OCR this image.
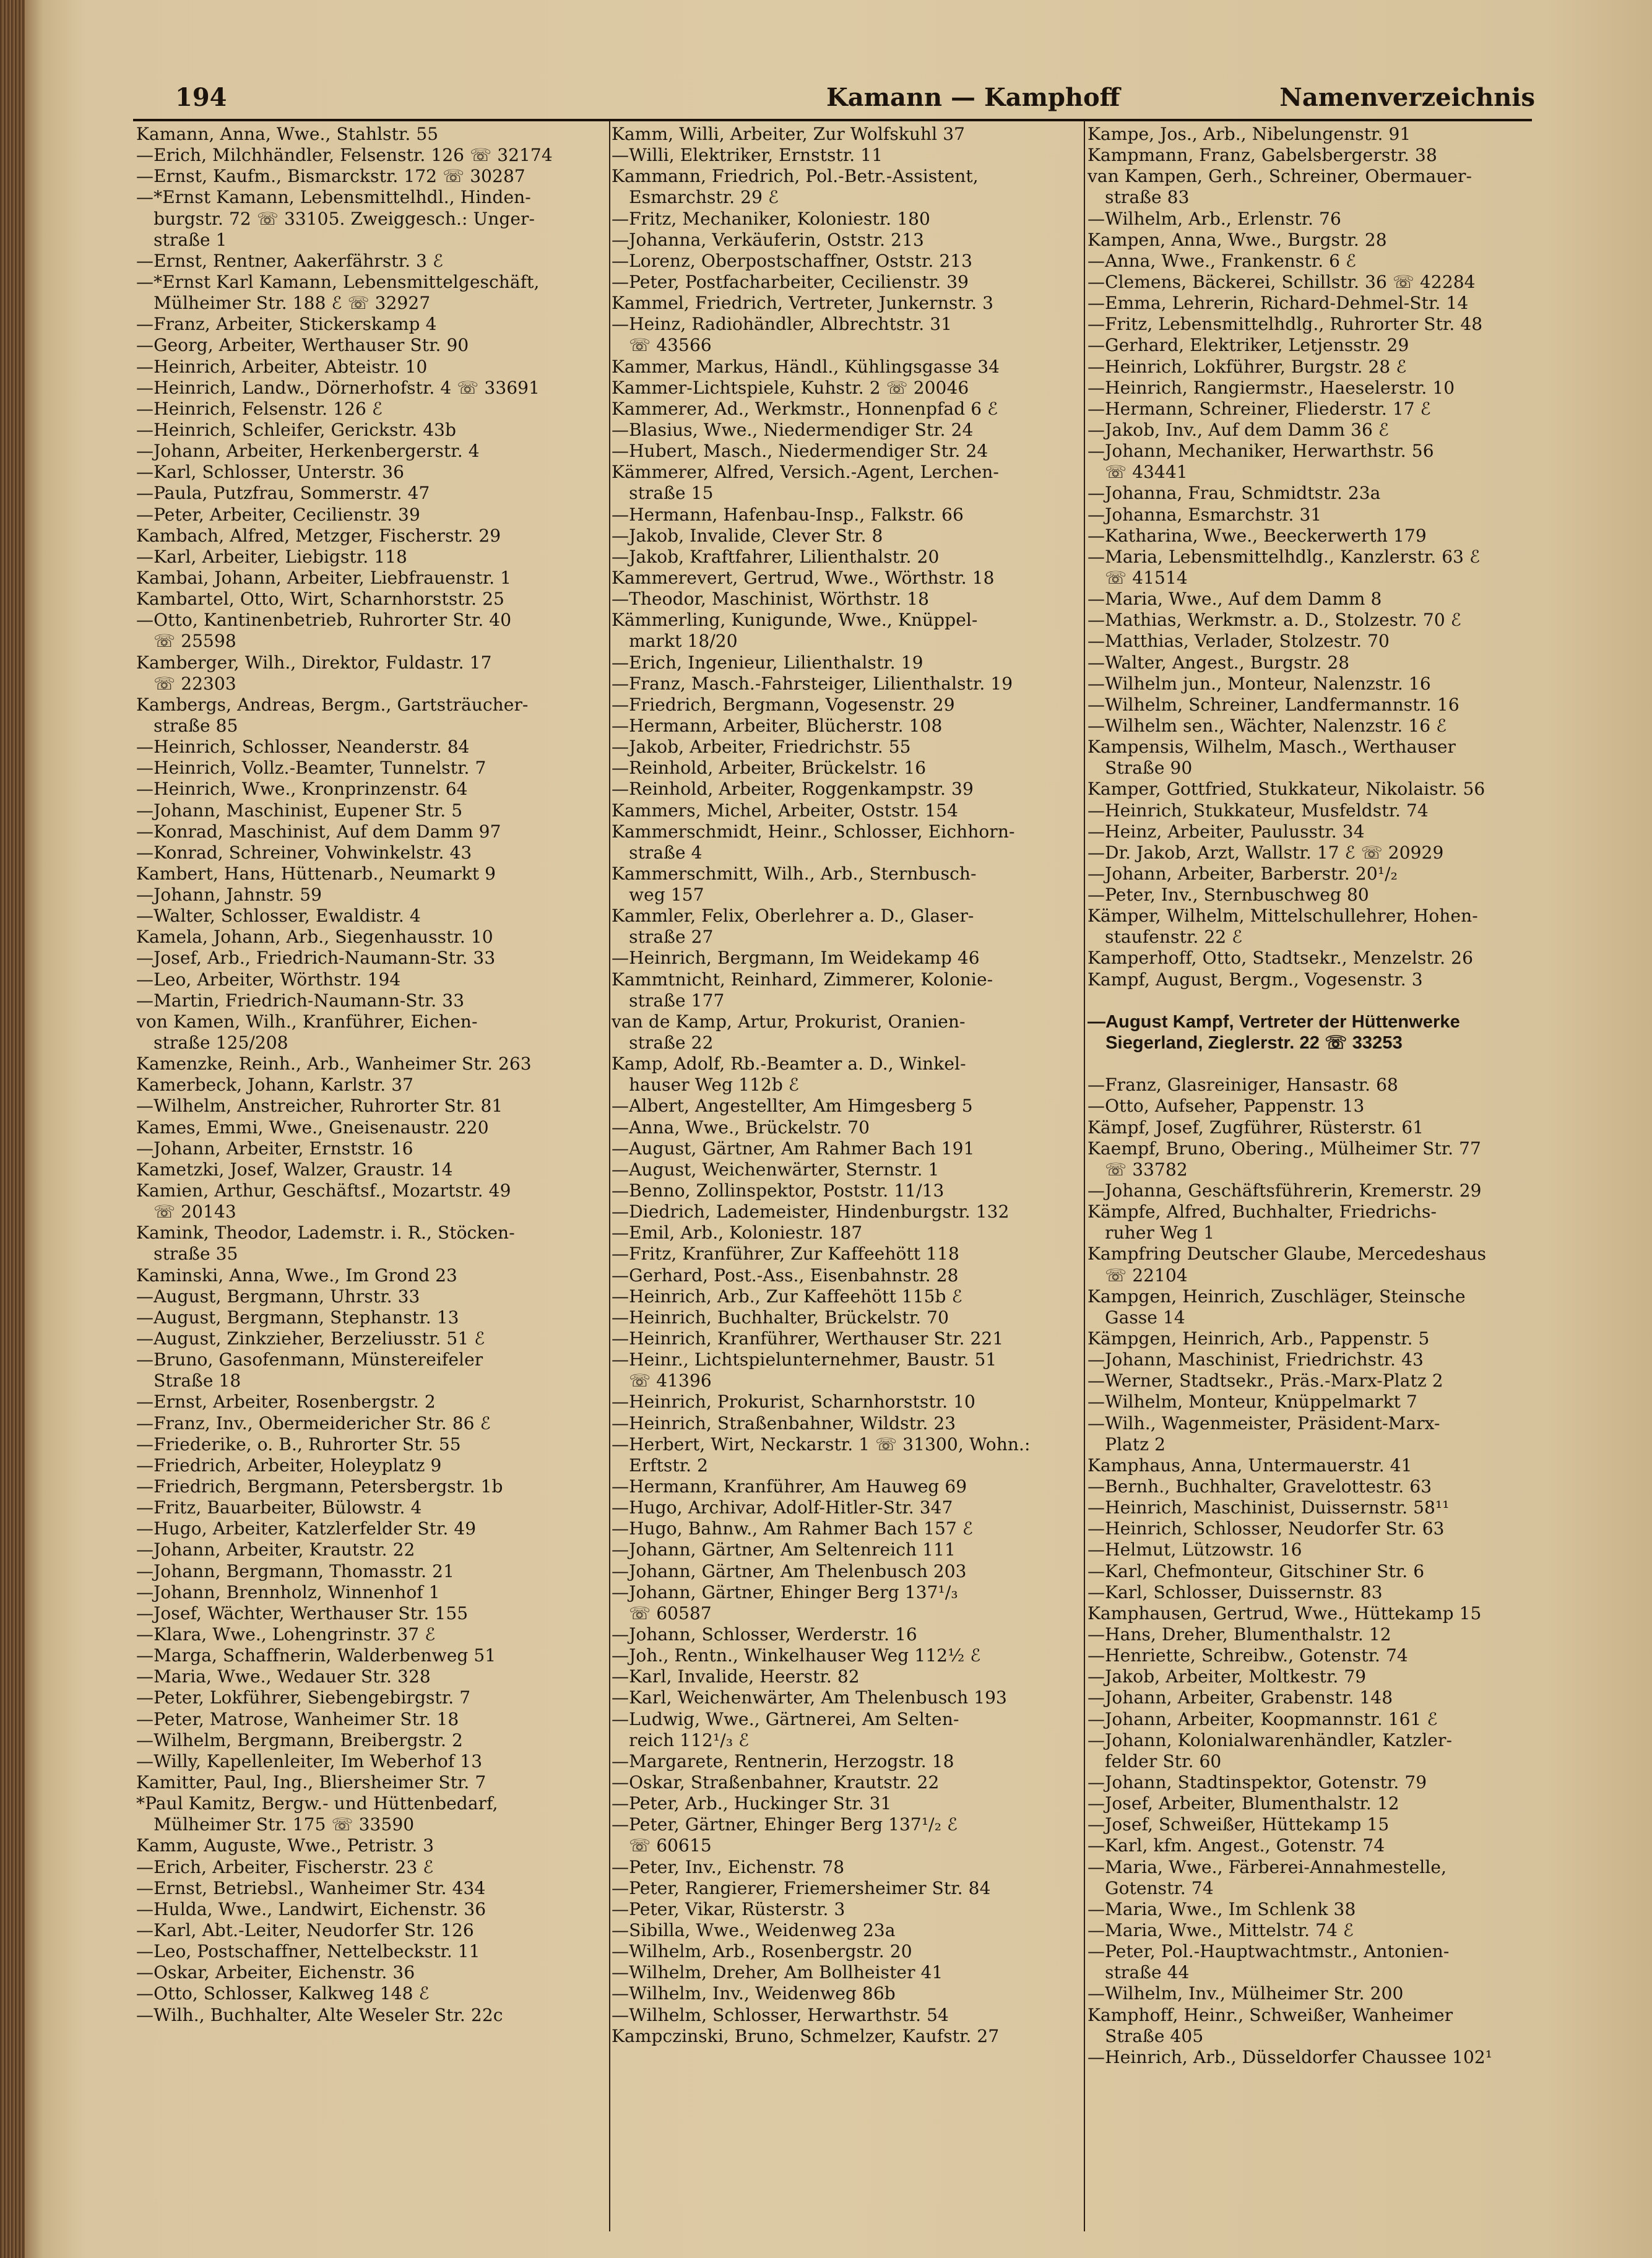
194	Kamann — Kamphoff	Namenverzeichnis
Kamann, Anna, Wwe., Stahlstr. 55
—Erich, Milchhändler, Felsenstr. 126 ☏ 32174
—Ernst, Kaufm., Bismarckstr. 172 ☏ 30287
—*Ernst Kamann, Lebensmittelhdl., Hinden-
 burgstr. 72 ☏ 33105. Zweiggesch.: Unger-
 straße 1
—Ernst, Rentner, Aakerfährstr. 3 ℰ
—*Ernst Karl Kamann, Lebensmittelgeschäft,
 Mülheimer Str. 188 ℰ ☏ 32927
—Franz, Arbeiter, Stickerskamp 4
—Georg, Arbeiter, Werthauser Str. 90
—Heinrich, Arbeiter, Abteistr. 10
—Heinrich, Landw., Dörnerhofstr. 4 ☏ 33691
—Heinrich, Felsenstr. 126 ℰ
—Heinrich, Schleifer, Gerickstr. 43b
—Johann, Arbeiter, Herkenbergerstr. 4
—Karl, Schlosser, Unterstr. 36
—Paula, Putzfrau, Sommerstr. 47
—Peter, Arbeiter, Cecilienstr. 39
Kambach, Alfred, Metzger, Fischerstr. 29
—Karl, Arbeiter, Liebigstr. 118
Kambai, Johann, Arbeiter, Liebfrauenstr. 1
Kambartel, Otto, Wirt, Scharnhorststr. 25
—Otto, Kantinenbetrieb, Ruhrorter Str. 40
 ☏ 25598
Kamberger, Wilh., Direktor, Fuldastr. 17
 ☏ 22303
Kambergs, Andreas, Bergm., Gartsträucher-
 straße 85
—Heinrich, Schlosser, Neanderstr. 84
—Heinrich, Vollz.-Beamter, Tunnelstr. 7
—Heinrich, Wwe., Kronprinzenstr. 64
—Johann, Maschinist, Eupener Str. 5
—Konrad, Maschinist, Auf dem Damm 97
—Konrad, Schreiner, Vohwinkelstr. 43
Kambert, Hans, Hüttenarb., Neumarkt 9
—Johann, Jahnstr. 59
—Walter, Schlosser, Ewaldistr. 4
Kamela, Johann, Arb., Siegenhausstr. 10
—Josef, Arb., Friedrich-Naumann-Str. 33
—Leo, Arbeiter, Wörthstr. 194
—Martin, Friedrich-Naumann-Str. 33
von Kamen, Wilh., Kranführer, Eichen-
 straße 125/208
Kamenzke, Reinh., Arb., Wanheimer Str. 263
Kamerbeck, Johann, Karlstr. 37
—Wilhelm, Anstreicher, Ruhrorter Str. 81
Kames, Emmi, Wwe., Gneisenaustr. 220
—Johann, Arbeiter, Ernststr. 16
Kametzki, Josef, Walzer, Graustr. 14
Kamien, Arthur, Geschäftsf., Mozartstr. 49
 ☏ 20143
Kamink, Theodor, Lademstr. i. R., Stöcken-
 straße 35
Kaminski, Anna, Wwe., Im Grond 23
—August, Bergmann, Uhrstr. 33
—August, Bergmann, Stephanstr. 13
—August, Zinkzieher, Berzeliusstr. 51 ℰ
—Bruno, Gasofenmann, Münstereifeler
 Straße 18
—Ernst, Arbeiter, Rosenbergstr. 2
—Franz, Inv., Obermeidericher Str. 86 ℰ
—Friederike, o. B., Ruhrorter Str. 55
—Friedrich, Arbeiter, Holeyplatz 9
—Friedrich, Bergmann, Petersbergstr. 1b
—Fritz, Bauarbeiter, Bülowstr. 4
—Hugo, Arbeiter, Katzlerfelder Str. 49
—Johann, Arbeiter, Krautstr. 22
—Johann, Bergmann, Thomasstr. 21
—Johann, Brennholz, Winnenhof 1
—Josef, Wächter, Werthauser Str. 155
—Klara, Wwe., Lohengrinstr. 37 ℰ
—Marga, Schaffnerin, Walderbenweg 51
—Maria, Wwe., Wedauer Str. 328
—Peter, Lokführer, Siebengebirgstr. 7
—Peter, Matrose, Wanheimer Str. 18
—Wilhelm, Bergmann, Breibergstr. 2
—Willy, Kapellenleiter, Im Weberhof 13
Kamitter, Paul, Ing., Bliersheimer Str. 7
*Paul Kamitz, Bergw.- und Hüttenbedarf,
 Mülheimer Str. 175 ☏ 33590
Kamm, Auguste, Wwe., Petristr. 3
—Erich, Arbeiter, Fischerstr. 23 ℰ
—Ernst, Betriebsl., Wanheimer Str. 434
—Hulda, Wwe., Landwirt, Eichenstr. 36
—Karl, Abt.-Leiter, Neudorfer Str. 126
—Leo, Postschaffner, Nettelbeckstr. 11
—Oskar, Arbeiter, Eichenstr. 36
—Otto, Schlosser, Kalkweg 148 ℰ
—Wilh., Buchhalter, Alte Weseler Str. 22c
Kamm, Willi, Arbeiter, Zur Wolfskuhl 37
—Willi, Elektriker, Ernststr. 11
Kammann, Friedrich, Pol.-Betr.-Assistent,
 Esmarchstr. 29 ℰ
—Fritz, Mechaniker, Koloniestr. 180
—Johanna, Verkäuferin, Oststr. 213
—Lorenz, Oberpostschaffner, Oststr. 213
—Peter, Postfacharbeiter, Cecilienstr. 39
Kammel, Friedrich, Vertreter, Junkernstr. 3
—Heinz, Radiohändler, Albrechtstr. 31
 ☏ 43566
Kammer, Markus, Händl., Kühlingsgasse 34
Kammer-Lichtspiele, Kuhstr. 2 ☏ 20046
Kammerer, Ad., Werkmstr., Honnenpfad 6 ℰ
—Blasius, Wwe., Niedermendiger Str. 24
—Hubert, Masch., Niedermendiger Str. 24
Kämmerer, Alfred, Versich.-Agent, Lerchen-
 straße 15
—Hermann, Hafenbau-Insp., Falkstr. 66
—Jakob, Invalide, Clever Str. 8
—Jakob, Kraftfahrer, Lilienthalstr. 20
Kammerevert, Gertrud, Wwe., Wörthstr. 18
—Theodor, Maschinist, Wörthstr. 18
Kämmerling, Kunigunde, Wwe., Knüppel-
 markt 18/20
—Erich, Ingenieur, Lilienthalstr. 19
—Franz, Masch.-Fahrsteiger, Lilienthalstr. 19
—Friedrich, Bergmann, Vogesenstr. 29
—Hermann, Arbeiter, Blücherstr. 108
—Jakob, Arbeiter, Friedrichstr. 55
—Reinhold, Arbeiter, Brückelstr. 16
—Reinhold, Arbeiter, Roggenkampstr. 39
Kammers, Michel, Arbeiter, Oststr. 154
Kammerschmidt, Heinr., Schlosser, Eichhorn-
 straße 4
Kammerschmitt, Wilh., Arb., Sternbusch-
 weg 157
Kammler, Felix, Oberlehrer a. D., Glaser-
 straße 27
—Heinrich, Bergmann, Im Weidekamp 46
Kammtnicht, Reinhard, Zimmerer, Kolonie-
 straße 177
van de Kamp, Artur, Prokurist, Oranien-
 straße 22
Kamp, Adolf, Rb.-Beamter a. D., Winkel-
 hauser Weg 112b ℰ
—Albert, Angestellter, Am Himgesberg 5
—Anna, Wwe., Brückelstr. 70
—August, Gärtner, Am Rahmer Bach 191
—August, Weichenwärter, Sternstr. 1
—Benno, Zollinspektor, Poststr. 11/13
—Diedrich, Lademeister, Hindenburgstr. 132
—Emil, Arb., Koloniestr. 187
—Fritz, Kranführer, Zur Kaffeehött 118
—Gerhard, Post.-Ass., Eisenbahnstr. 28
—Heinrich, Arb., Zur Kaffeehött 115b ℰ
—Heinrich, Buchhalter, Brückelstr. 70
—Heinrich, Kranführer, Werthauser Str. 221
—Heinr., Lichtspielunternehmer, Baustr. 51
 ☏ 41396
—Heinrich, Prokurist, Scharnhorststr. 10
—Heinrich, Straßenbahner, Wildstr. 23
—Herbert, Wirt, Neckarstr. 1 ☏ 31300, Wohn.:
 Erftstr. 2
—Hermann, Kranführer, Am Hauweg 69
—Hugo, Archivar, Adolf-Hitler-Str. 347
—Hugo, Bahnw., Am Rahmer Bach 157 ℰ
—Johann, Gärtner, Am Seltenreich 111
—Johann, Gärtner, Am Thelenbusch 203
—Johann, Gärtner, Ehinger Berg 137¹/₃
 ☏ 60587
—Johann, Schlosser, Werderstr. 16
—Joh., Rentn., Winkelhauser Weg 112½ ℰ
—Karl, Invalide, Heerstr. 82
—Karl, Weichenwärter, Am Thelenbusch 193
—Ludwig, Wwe., Gärtnerei, Am Selten-
 reich 112¹/₃ ℰ
—Margarete, Rentnerin, Herzogstr. 18
—Oskar, Straßenbahner, Krautstr. 22
—Peter, Arb., Huckinger Str. 31
—Peter, Gärtner, Ehinger Berg 137¹/₂ ℰ
 ☏ 60615
—Peter, Inv., Eichenstr. 78
—Peter, Rangierer, Friemersheimer Str. 84
—Peter, Vikar, Rüsterstr. 3
—Sibilla, Wwe., Weidenweg 23a
—Wilhelm, Arb., Rosenbergstr. 20
—Wilhelm, Dreher, Am Bollheister 41
—Wilhelm, Inv., Weidenweg 86b
—Wilhelm, Schlosser, Herwarthstr. 54
Kampczinski, Bruno, Schmelzer, Kaufstr. 27
Kampe, Jos., Arb., Nibelungenstr. 91
Kampmann, Franz, Gabelsbergerstr. 38
van Kampen, Gerh., Schreiner, Obermauer-
 straße 83
—Wilhelm, Arb., Erlenstr. 76
Kampen, Anna, Wwe., Burgstr. 28
—Anna, Wwe., Frankenstr. 6 ℰ
—Clemens, Bäckerei, Schillstr. 36 ☏ 42284
—Emma, Lehrerin, Richard-Dehmel-Str. 14
—Fritz, Lebensmittelhdlg., Ruhrorter Str. 48
—Gerhard, Elektriker, Letjensstr. 29
—Heinrich, Lokführer, Burgstr. 28 ℰ
—Heinrich, Rangiermstr., Haeselerstr. 10
—Hermann, Schreiner, Fliederstr. 17 ℰ
—Jakob, Inv., Auf dem Damm 36 ℰ
—Johann, Mechaniker, Herwarthstr. 56
 ☏ 43441
—Johanna, Frau, Schmidtstr. 23a
—Johanna, Esmarchstr. 31
—Katharina, Wwe., Beeckerwerth 179
—Maria, Lebensmittelhdlg., Kanzlerstr. 63 ℰ
 ☏ 41514
—Maria, Wwe., Auf dem Damm 8
—Mathias, Werkmstr. a. D., Stolzestr. 70 ℰ
—Matthias, Verlader, Stolzestr. 70
—Walter, Angest., Burgstr. 28
—Wilhelm jun., Monteur, Nalenzstr. 16
—Wilhelm, Schreiner, Landfermannstr. 16
—Wilhelm sen., Wächter, Nalenzstr. 16 ℰ
Kampensis, Wilhelm, Masch., Werthauser
 Straße 90
Kamper, Gottfried, Stukkateur, Nikolaistr. 56
—Heinrich, Stukkateur, Musfeldstr. 74
—Heinz, Arbeiter, Paulusstr. 34
—Dr. Jakob, Arzt, Wallstr. 17 ℰ ☏ 20929
—Johann, Arbeiter, Barberstr. 20¹/₂
—Peter, Inv., Sternbuschweg 80
Kämper, Wilhelm, Mittelschullehrer, Hohen-
 staufenstr. 22 ℰ
Kamperhoff, Otto, Stadtsekr., Menzelstr. 26
Kampf, August, Bergm., Vogesenstr. 3
—August Kampf, Vertreter der Hüttenwerke
 Siegerland, Zieglerstr. 22 ☏ 33253
—Franz, Glasreiniger, Hansastr. 68
—Otto, Aufseher, Pappenstr. 13
Kämpf, Josef, Zugführer, Rüsterstr. 61
Kaempf, Bruno, Obering., Mülheimer Str. 77
 ☏ 33782
—Johanna, Geschäftsführerin, Kremerstr. 29
Kämpfe, Alfred, Buchhalter, Friedrichs-
 ruher Weg 1
Kampfring Deutscher Glaube, Mercedeshaus
 ☏ 22104
Kampgen, Heinrich, Zuschläger, Steinsche
 Gasse 14
Kämpgen, Heinrich, Arb., Pappenstr. 5
—Johann, Maschinist, Friedrichstr. 43
—Werner, Stadtsekr., Präs.-Marx-Platz 2
—Wilhelm, Monteur, Knüppelmarkt 7
—Wilh., Wagenmeister, Präsident-Marx-
 Platz 2
Kamphaus, Anna, Untermauerstr. 41
—Bernh., Buchhalter, Gravelottestr. 63
—Heinrich, Maschinist, Duissernstr. 58¹¹
—Heinrich, Schlosser, Neudorfer Str. 63
—Helmut, Lützowstr. 16
—Karl, Chefmonteur, Gitschiner Str. 6
—Karl, Schlosser, Duissernstr. 83
Kamphausen, Gertrud, Wwe., Hüttekamp 15
—Hans, Dreher, Blumenthalstr. 12
—Henriette, Schreibw., Gotenstr. 74
—Jakob, Arbeiter, Moltkestr. 79
—Johann, Arbeiter, Grabenstr. 148
—Johann, Arbeiter, Koopmannstr. 161 ℰ
—Johann, Kolonialwarenhändler, Katzler-
 felder Str. 60
—Johann, Stadtinspektor, Gotenstr. 79
—Josef, Arbeiter, Blumenthalstr. 12
—Josef, Schweißer, Hüttekamp 15
—Karl, kfm. Angest., Gotenstr. 74
—Maria, Wwe., Färberei-Annahmestelle,
 Gotenstr. 74
—Maria, Wwe., Im Schlenk 38
—Maria, Wwe., Mittelstr. 74 ℰ
—Peter, Pol.-Hauptwachtmstr., Antonien-
 straße 44
—Wilhelm, Inv., Mülheimer Str. 200
Kamphoff, Heinr., Schweißer, Wanheimer
 Straße 405
—Heinrich, Arb., Düsseldorfer Chaussee 102¹
